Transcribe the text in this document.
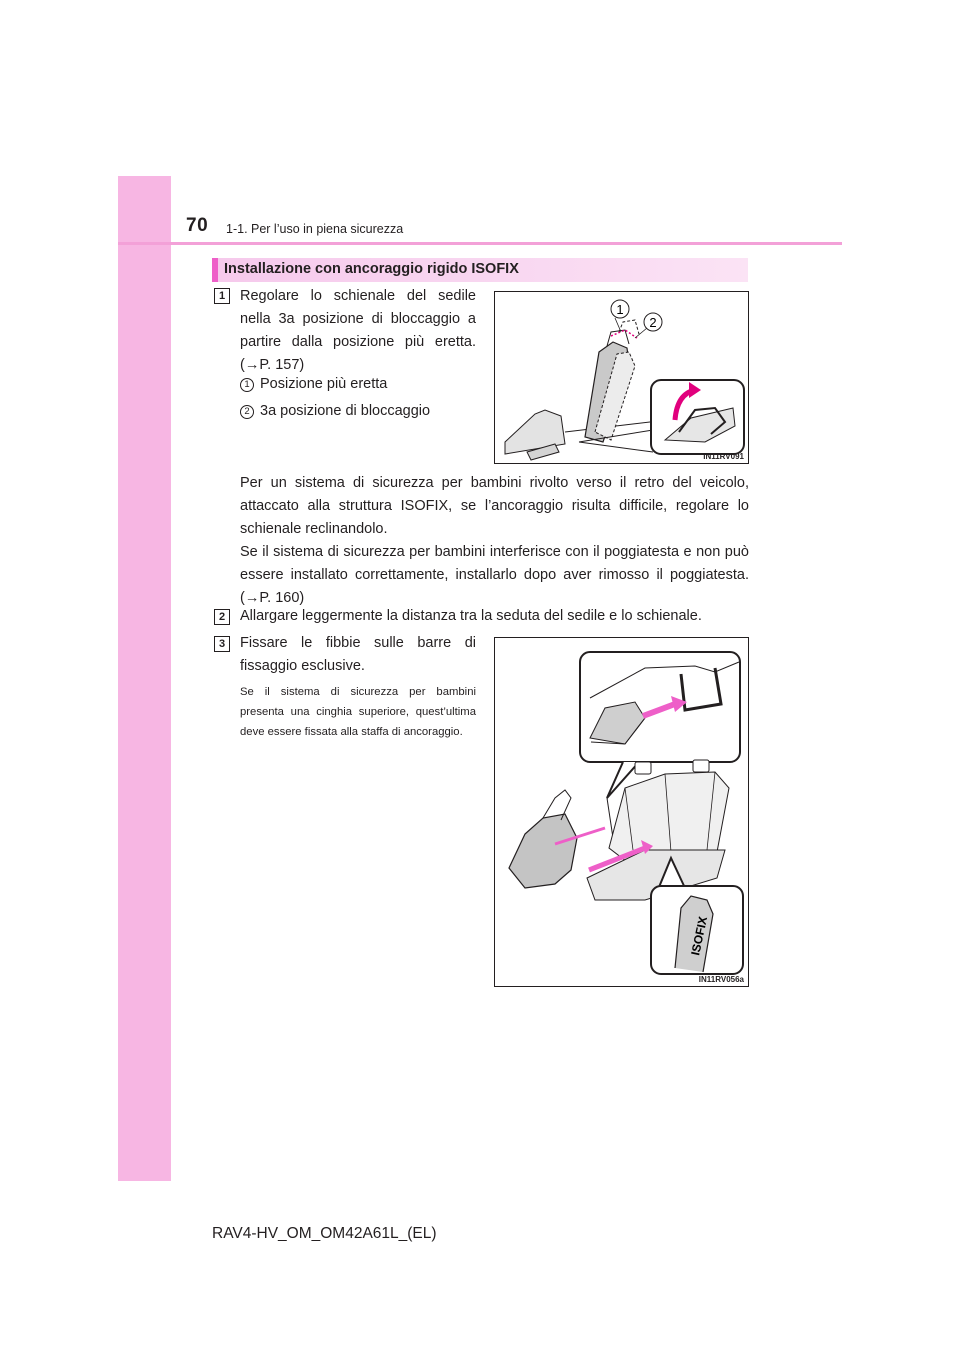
70 1-1. Per l’uso in piena sicurezza
Installazione con ancoraggio rigido ISOFIX
1	Regolare lo schienale del sedile nella 3a posizione di bloccaggio a partire dalla posizione più eretta. (→P. 157)

1 Posizione più eretta
2 3a posizione di bloccaggio
1
2
IN11RV091

Per un sistema di sicurezza per bambini rivolto verso il retro del veicolo, attaccato alla struttura ISOFIX, se l’ancoraggio risulta difficile, regolare lo schienale reclinandolo.

Se il sistema di sicurezza per bambini interferisce con il poggiatesta e non può essere installato correttamente, installarlo dopo aver rimosso il poggiatesta. (→P. 160)

2	Allargare leggermente la distanza tra la seduta del sedile e lo schienale.

3	Fissare le fibbie sulle barre di fissaggio esclusive.

Se il sistema di sicurezza per bambini presenta una cinghia superiore, quest’ultima deve essere fissata alla staffa di ancoraggio.

ISOFIX
IN11RV056a
RAV4-HV_OM_OM42A61L_(EL)
